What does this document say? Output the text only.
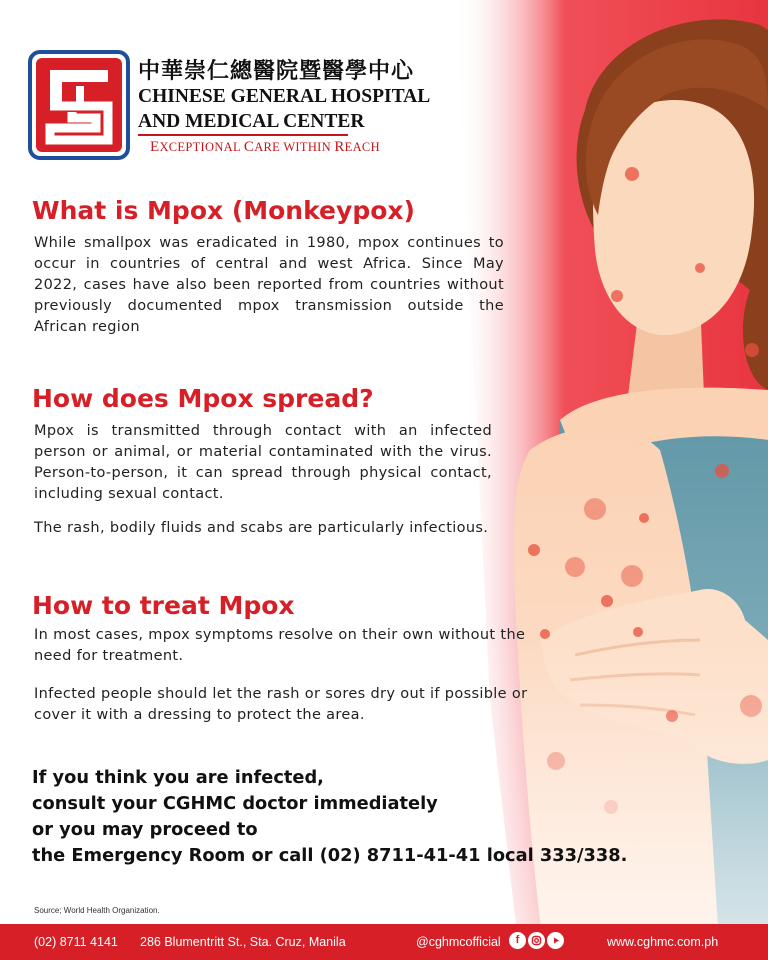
中華崇仁總醫院暨醫學中心
CHINESE GENERAL HOSPITAL
AND MEDICAL CENTER
EXCEPTIONAL CARE WITHIN REACH
What is Mpox (Monkeypox)
While smallpox was eradicated in 1980, mpox continues to occur in countries of central and west Africa. Since May 2022, cases have also been reported from countries without previously documented mpox transmission outside the African region
How does Mpox spread?
Mpox is transmitted through contact with an infected person or animal, or material contaminated with the virus. Person-to-person, it can spread through physical contact, including sexual contact.
The rash, bodily fluids and scabs are particularly infectious.
How to treat Mpox
In most cases, mpox symptoms resolve on their own without the need for treatment.
Infected people should let the rash or sores dry out if possible or cover it with a dressing to protect the area.
If you think you are infected,
consult your CGHMC doctor immediately
or you may proceed to
the Emergency Room or call (02) 8711-41-41 local 333/338.
Source; World Health Organization.
(02) 8711 4141 286 Blumentritt St., Sta. Cruz, Manila	@cghmcofficial	f	www.cghmc.com.ph
